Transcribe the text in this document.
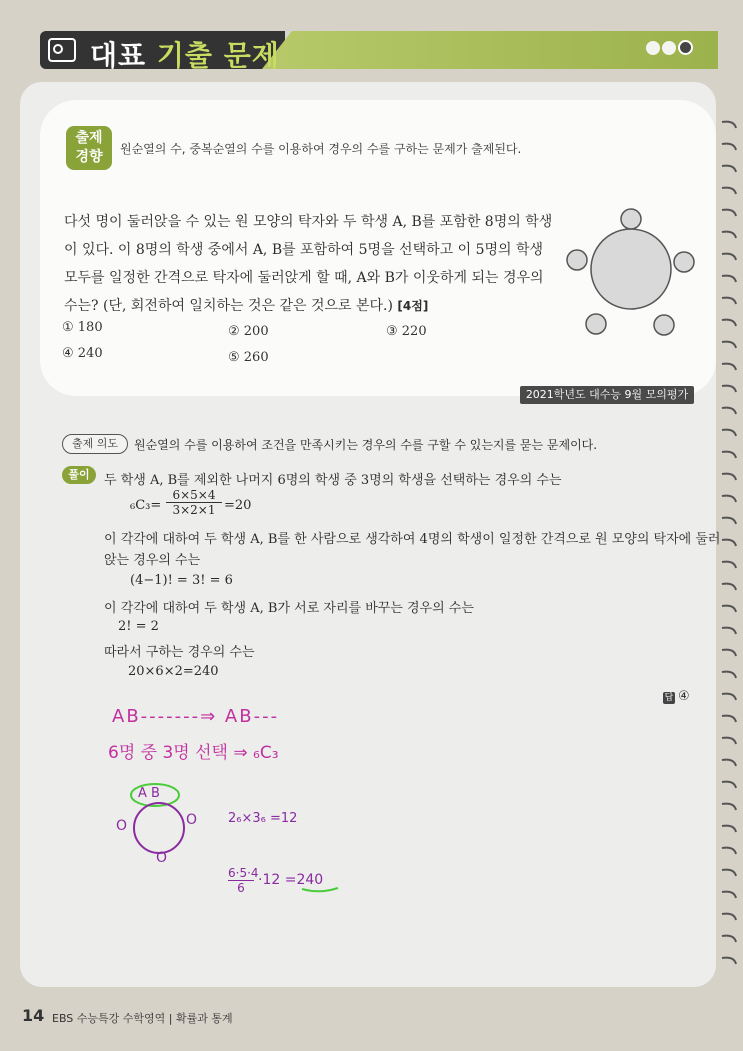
대표 기출 문제
출제
경향	원순열의 수, 중복순열의 수를 이용하여 경우의 수를 구하는 문제가 출제된다.
다섯 명이 둘러앉을 수 있는 원 모양의 탁자와 두 학생 A, B를 포함한 8명의 학생
이 있다. 이 8명의 학생 중에서 A, B를 포함하여 5명을 선택하고 이 5명의 학생
모두를 일정한 간격으로 탁자에 둘러앉게 할 때, A와 B가 이웃하게 되는 경우의
수는? (단, 회전하여 일치하는 것은 같은 것으로 본다.) [4점]
① 180	② 200	③ 220
④ 240	⑤ 260
2021학년도 대수능 9월 모의평가
출제 의도	원순열의 수를 이용하여 조건을 만족시키는 경우의 수를 구할 수 있는지를 묻는 문제이다.
풀이	두 학생 A, B를 제외한 나머지 6명의 학생 중 3명의 학생을 선택하는 경우의 수는
$_6C_3= \frac{6\times 5\times 4}{3\times 2\times 1} =20$
이 각각에 대하여 두 학생 A, B를 한 사람으로 생각하여 4명의 학생이 일정한 간격으로 원 모양의 탁자에 둘러
앉는 경우의 수는
(4−1)! = 3! = 6
이 각각에 대하여 두 학생 A, B가 서로 자리를 바꾸는 경우의 수는
2! = 2
따라서 구하는 경우의 수는
20×6×2=240
답 ④
AB-------⇒ AB---
6명 중 3명 선택 ⇒ ₆C₃
A B
O	O
O
2₆×3₆ =12
6·5·4
6 ·12 =240
14 EBS 수능특강 수학영역 | 확률과 통계
